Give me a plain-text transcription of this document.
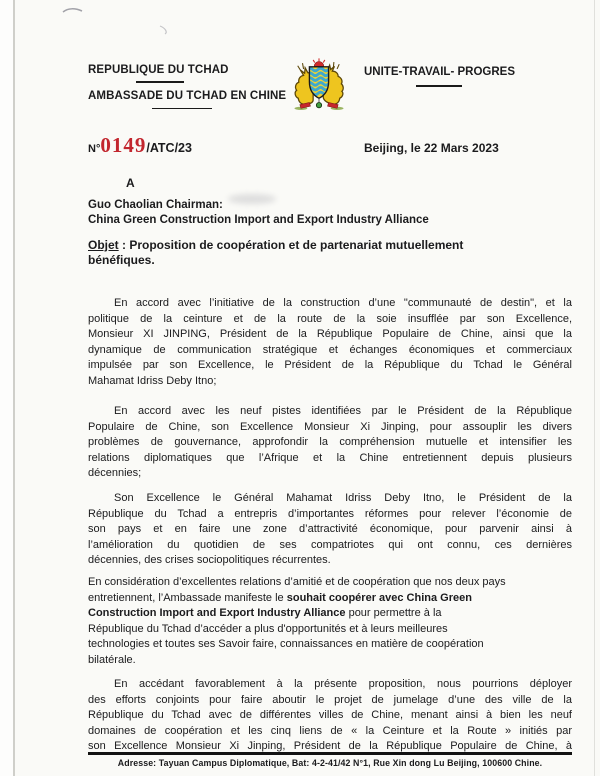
REPUBLIQUE DU TCHAD
AMBASSADE DU TCHAD EN CHINE
UNITE-TRAVAIL- PROGRES
N° 0149 /ATC/23	Beijing, le 22 Mars 2023
A
Guo Chaolian Chairman:
China Green Construction Import and Export Industry Alliance
Objet : Proposition de coopération et de partenariat mutuellement
bénéfiques.
En accord avec l’initiative de la construction d’une "communauté de destin", et la
politique de la ceinture et de la route de la soie insufflée par son Excellence,
Monsieur XI JINPING, Président de la République Populaire de Chine, ainsi que la
dynamique de communication stratégique et échanges économiques et commerciaux
impulsée par son Excellence, le Président de la République du Tchad le Général
Mahamat Idriss Deby Itno;
En accord avec les neuf pistes identifiées par le Président de la République
Populaire de Chine, son Excellence Monsieur Xi Jinping, pour assouplir les divers
problèmes de gouvernance, approfondir la compréhension mutuelle et intensifier les
relations diplomatiques que l’Afrique et la Chine entretiennent depuis plusieurs
décennies;
Son Excellence le Général Mahamat Idriss Deby Itno, le Président de la
République du Tchad a entrepris d’importantes réformes pour relever l’économie de
son pays et en faire une zone d’attractivité économique, pour parvenir ainsi à
l’amélioration du quotidien de ses compatriotes qui ont connu, ces dernières
décennies, des crises sociopolitiques récurrentes.
En considération d’excellentes relations d’amitié et de coopération que nos deux pays
entretiennent, l’Ambassade manifeste le souhait coopérer avec China Green
Construction Import and Export Industry Alliance pour permettre à la
République du Tchad d’accéder a plus d'opportunités et à leurs meilleures
technologies et toutes ses Savoir faire, connaissances en matière de coopération
bilatérale.
En accédant favorablement à la présente proposition, nous pourrions déployer
des efforts conjoints pour faire aboutir le projet de jumelage d’une des ville de la
République du Tchad avec de différentes villes de Chine, menant ainsi à bien les neuf
domaines de coopération et les cinq liens de « la Ceinture et la Route » initiés par
son Excellence Monsieur Xi Jinping, Président de la République Populaire de Chine, à
Adresse: Tayuan Campus Diplomatique, Bat: 4-2-41/42 N°1, Rue Xin dong Lu Beijing, 100600 Chine.
